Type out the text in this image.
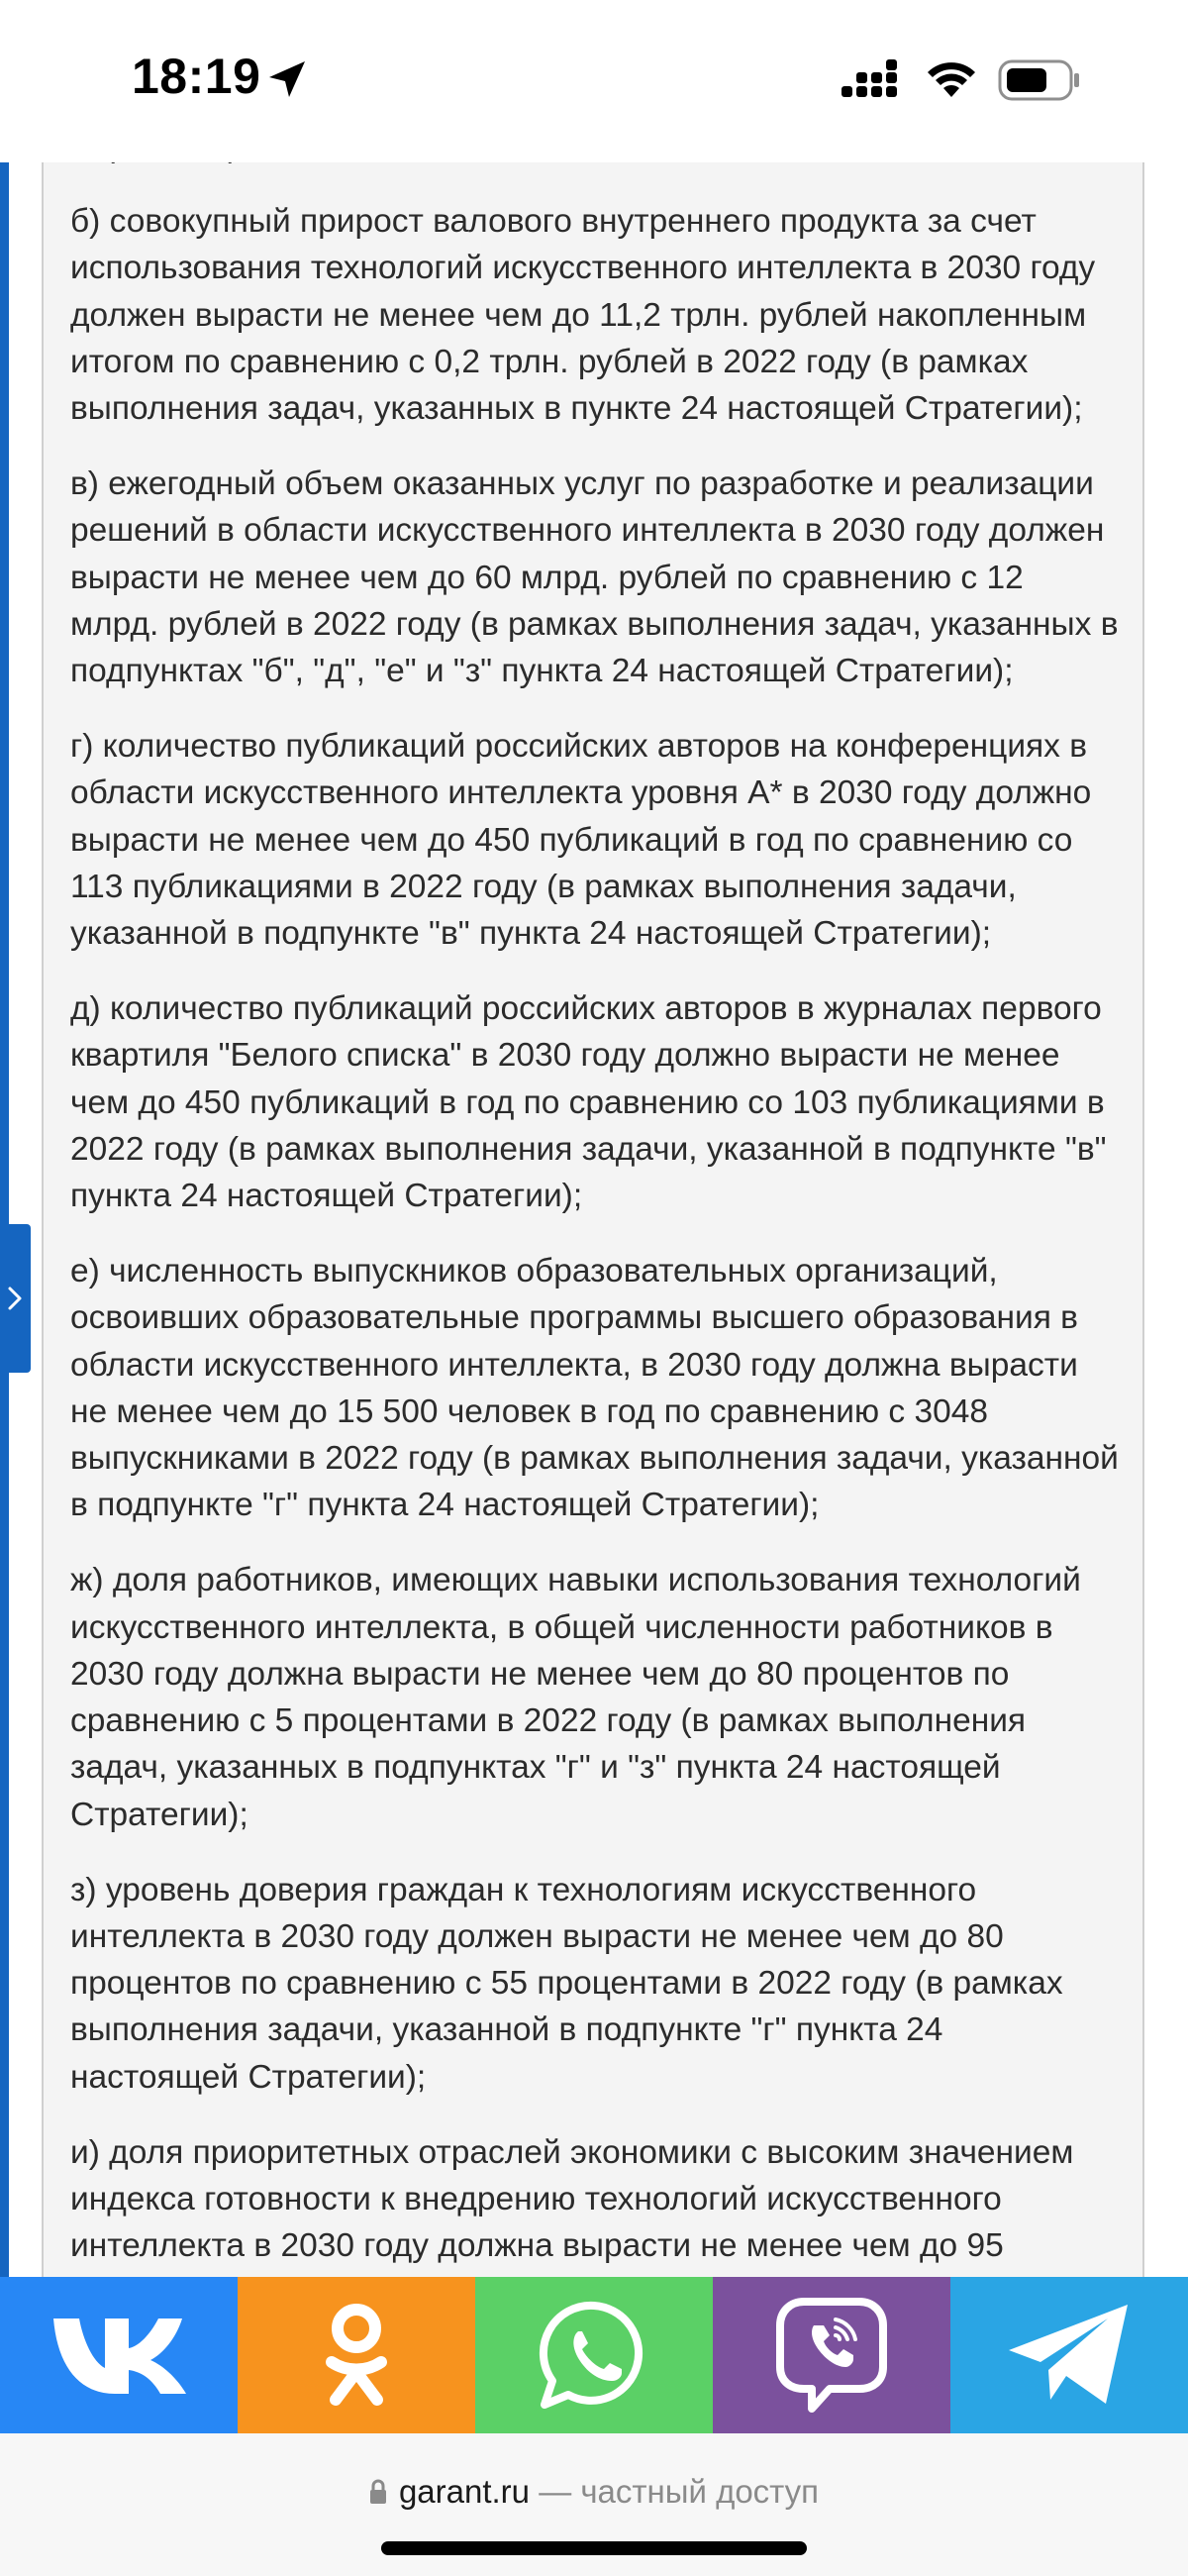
18:19

б) совокупный прирост валового внутреннего продукта за счет использования технологий искусственного интеллекта в 2030 году должен вырасти не менее чем до 11,2 трлн. рублей накопленным итогом по сравнению с 0,2 трлн. рублей в 2022 году (в рамках выполнения задач, указанных в пункте 24 настоящей Стратегии);

в) ежегодный объем оказанных услуг по разработке и реализации решений в области искусственного интеллекта в 2030 году должен вырасти не менее чем до 60 млрд. рублей по сравнению с 12 млрд. рублей в 2022 году (в рамках выполнения задач, указанных в подпунктах "б", "д", "е" и "з" пункта 24 настоящей Стратегии);

г) количество публикаций российских авторов на конференциях в области искусственного интеллекта уровня А* в 2030 году должно вырасти не менее чем до 450 публикаций в год по сравнению со 113 публикациями в 2022 году (в рамках выполнения задачи, указанной в подпункте "в" пункта 24 настоящей Стратегии);

д) количество публикаций российских авторов в журналах первого квартиля "Белого списка" в 2030 году должно вырасти не менее чем до 450 публикаций в год по сравнению со 103 публикациями в 2022 году (в рамках выполнения задачи, указанной в подпункте "в" пункта 24 настоящей Стратегии);

е) численность выпускников образовательных организаций, освоивших образовательные программы высшего образования в области искусственного интеллекта, в 2030 году должна вырасти не менее чем до 15 500 человек в год по сравнению с 3048 выпускниками в 2022 году (в рамках выполнения задачи, указанной в подпункте "г" пункта 24 настоящей Стратегии);

ж) доля работников, имеющих навыки использования технологий искусственного интеллекта, в общей численности работников в 2030 году должна вырасти не менее чем до 80 процентов по сравнению с 5 процентами в 2022 году (в рамках выполнения задач, указанных в подпунктах "г" и "з" пункта 24 настоящей Стратегии);

з) уровень доверия граждан к технологиям искусственного интеллекта в 2030 году должен вырасти не менее чем до 80 процентов по сравнению с 55 процентами в 2022 году (в рамках выполнения задачи, указанной в подпункте "г" пункта 24 настоящей Стратегии);

и) доля приоритетных отраслей экономики с высоким значением индекса готовности к внедрению технологий искусственного интеллекта в 2030 году должна вырасти не менее чем до 95

garant.ru — частный доступ
